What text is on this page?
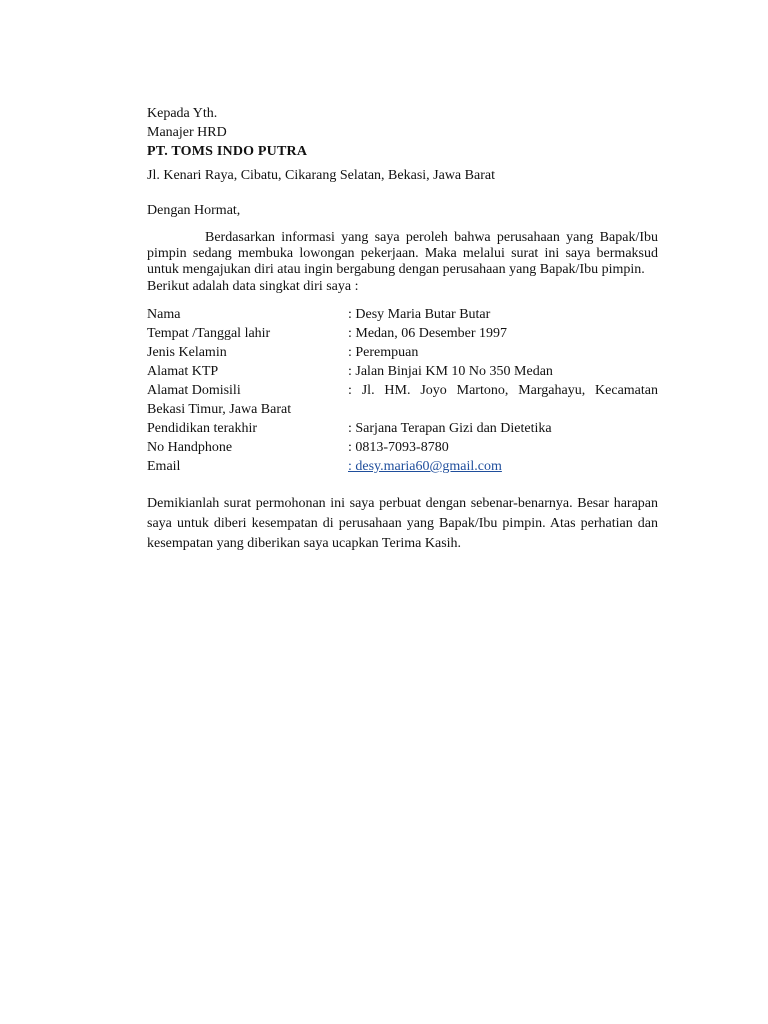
Kepada Yth.
Manajer HRD
PT. TOMS INDO PUTRA
Jl. Kenari Raya, Cibatu, Cikarang Selatan, Bekasi, Jawa Barat
Dengan Hormat,
Berdasarkan informasi yang saya peroleh bahwa perusahaan yang Bapak/Ibu pimpin sedang membuka lowongan pekerjaan. Maka melalui surat ini saya bermaksud untuk mengajukan diri atau ingin bergabung dengan perusahaan yang Bapak/Ibu pimpin.
Berikut adalah data singkat diri saya :
Nama	: Desy Maria Butar Butar
Tempat /Tanggal lahir	: Medan, 06 Desember 1997
Jenis Kelamin	: Perempuan
Alamat KTP	: Jalan Binjai KM 10 No 350 Medan
Alamat Domisili	: Jl. HM. Joyo Martono, Margahayu, Kecamatan
Bekasi Timur, Jawa Barat
Pendidikan terakhir	: Sarjana Terapan Gizi dan Dietetika
No Handphone	: 0813-7093-8780
Email	: desy.maria60@gmail.com
Demikianlah surat permohonan ini saya perbuat dengan sebenar-benarnya. Besar harapan saya untuk diberi kesempatan di perusahaan yang Bapak/Ibu pimpin. Atas perhatian dan kesempatan yang diberikan saya ucapkan Terima Kasih.
